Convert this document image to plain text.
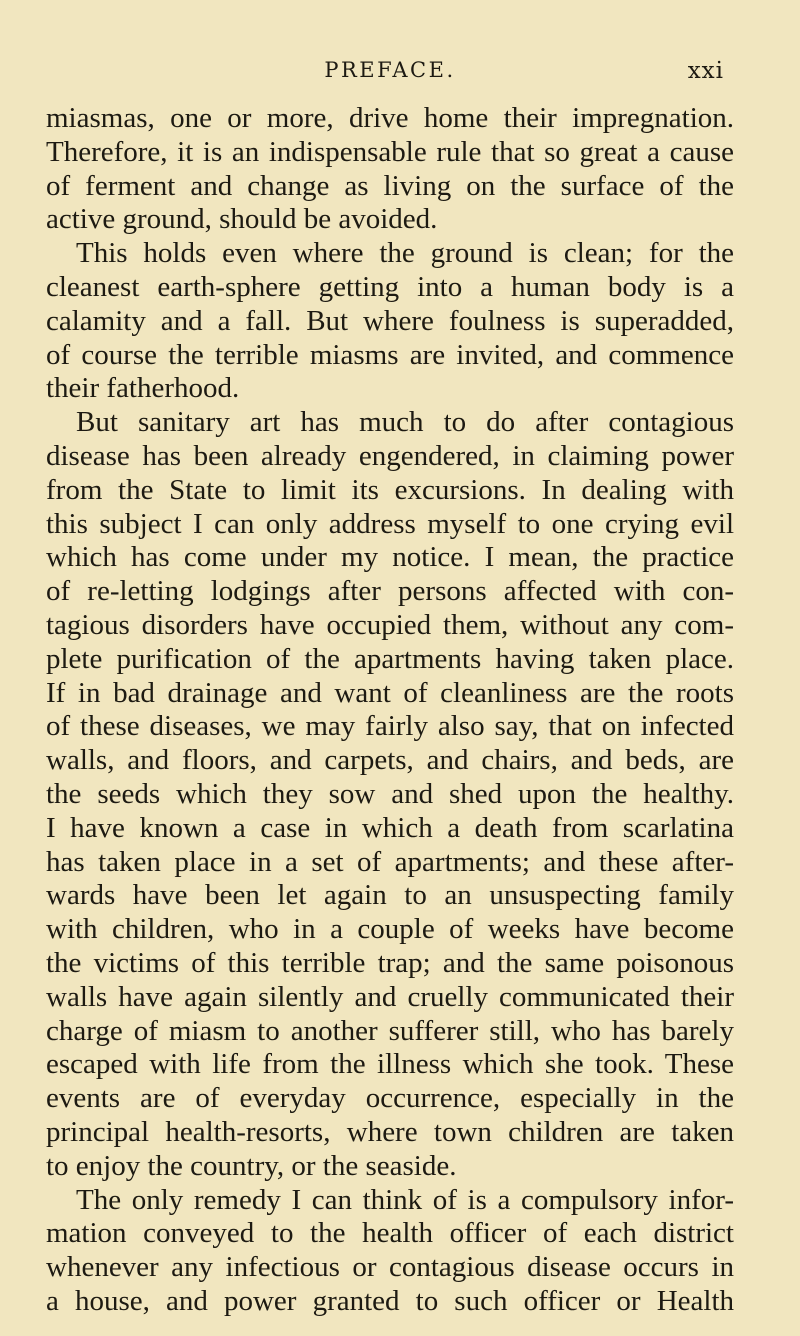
PREFACE.	xxi
miasmas, one or more, drive home their impregnation.
Therefore, it is an indispensable rule that so great a cause
of ferment and change as living on the surface of the
active ground, should be avoided.
This holds even where the ground is clean; for the
cleanest earth-sphere getting into a human body is a
calamity and a fall. But where foulness is superadded,
of course the terrible miasms are invited, and commence
their fatherhood.
But sanitary art has much to do after contagious
disease has been already engendered, in claiming power
from the State to limit its excursions. In dealing with
this subject I can only address myself to one crying evil
which has come under my notice. I mean, the practice
of re-letting lodgings after persons affected with con-
tagious disorders have occupied them, without any com-
plete purification of the apartments having taken place.
If in bad drainage and want of cleanliness are the roots
of these diseases, we may fairly also say, that on infected
walls, and floors, and carpets, and chairs, and beds, are
the seeds which they sow and shed upon the healthy.
I have known a case in which a death from scarlatina
has taken place in a set of apartments; and these after-
wards have been let again to an unsuspecting family
with children, who in a couple of weeks have become
the victims of this terrible trap; and the same poisonous
walls have again silently and cruelly communicated their
charge of miasm to another sufferer still, who has barely
escaped with life from the illness which she took. These
events are of everyday occurrence, especially in the
principal health-resorts, where town children are taken
to enjoy the country, or the seaside.
The only remedy I can think of is a compulsory infor-
mation conveyed to the health officer of each district
whenever any infectious or contagious disease occurs in
a house, and power granted to such officer or Health
